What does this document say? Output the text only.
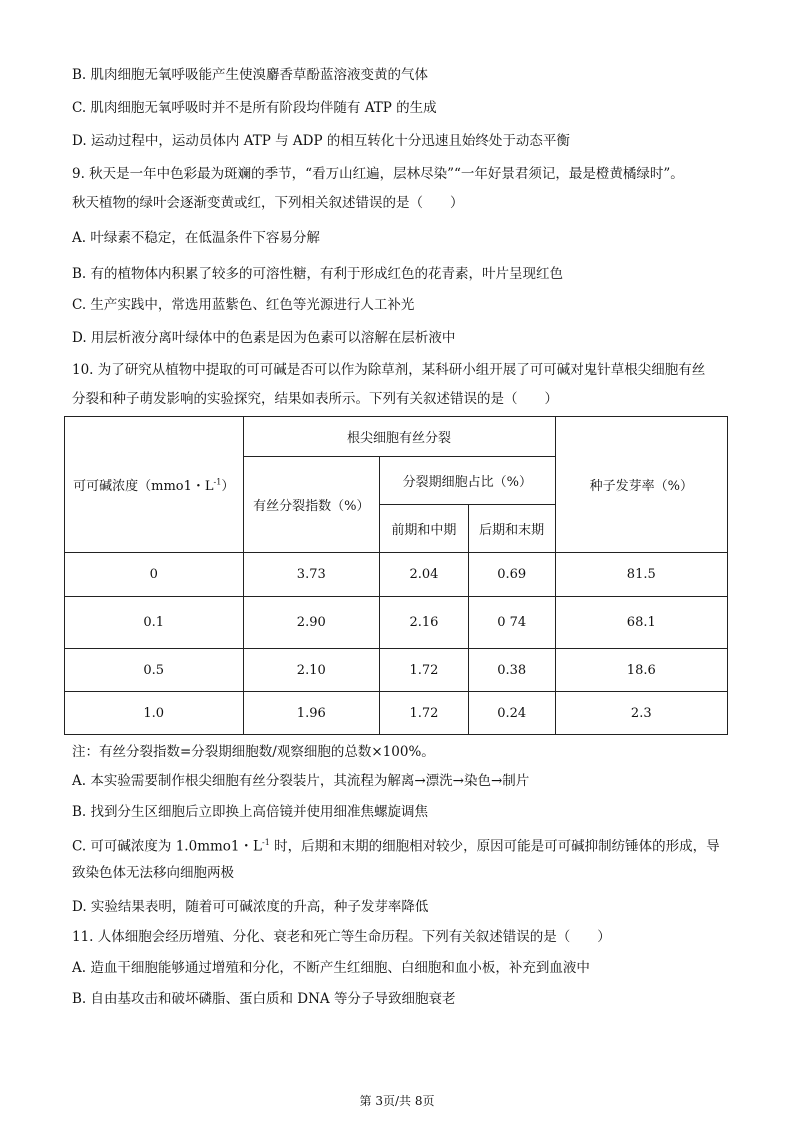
B. 肌肉细胞无氧呼吸能产生使溴麝香草酚蓝溶液变黄的气体
C. 肌肉细胞无氧呼吸时并不是所有阶段均伴随有 ATP 的生成
D. 运动过程中，运动员体内 ATP 与 ADP 的相互转化十分迅速且始终处于动态平衡
9. 秋天是一年中色彩最为斑斓的季节，“看万山红遍，层林尽染”“一年好景君须记，最是橙黄橘绿时”。
秋天植物的绿叶会逐渐变黄或红，下列相关叙述错误的是（　　）
A. 叶绿素不稳定，在低温条件下容易分解
B. 有的植物体内积累了较多的可溶性糖，有利于形成红色的花青素，叶片呈现红色
C. 生产实践中，常选用蓝紫色、红色等光源进行人工补光
D. 用层析液分离叶绿体中的色素是因为色素可以溶解在层析液中
10. 为了研究从植物中提取的可可碱是否可以作为除草剂，某科研小组开展了可可碱对鬼针草根尖细胞有丝
分裂和种子萌发影响的实验探究，结果如表所示。下列有关叙述错误的是（　　）
可可碱浓度（mmo1・$L^{-1}$）	根尖细胞有丝分裂			种子发芽率（%）
	有丝分裂指数（%）	分裂期细胞占比（%）		
		前期和中期	后期和末期	
0	3.73	2.04	0.69	81.5
0.1	2.90	2.16	0 74	68.1
0.5	2.10	1.72	0.38	18.6
1.0	1.96	1.72	0.24	2.3
注：有丝分裂指数=分裂期细胞数/观察细胞的总数×100%。
A. 本实验需要制作根尖细胞有丝分裂装片，其流程为解离→漂洗→染色→制片
B. 找到分生区细胞后立即换上高倍镜并使用细准焦螺旋调焦
C. 可可碱浓度为 1.0mmo1・$L^{-1}$ 时，后期和末期的细胞相对较少，原因可能是可可碱抑制纺锤体的形成，导
致染色体无法移向细胞两极
D. 实验结果表明，随着可可碱浓度的升高，种子发芽率降低
11. 人体细胞会经历增殖、分化、衰老和死亡等生命历程。下列有关叙述错误的是（　　）
A. 造血干细胞能够通过增殖和分化，不断产生红细胞、白细胞和血小板，补充到血液中
B. 自由基攻击和破坏磷脂、蛋白质和 DNA 等分子导致细胞衰老
第 3页/共 8页
